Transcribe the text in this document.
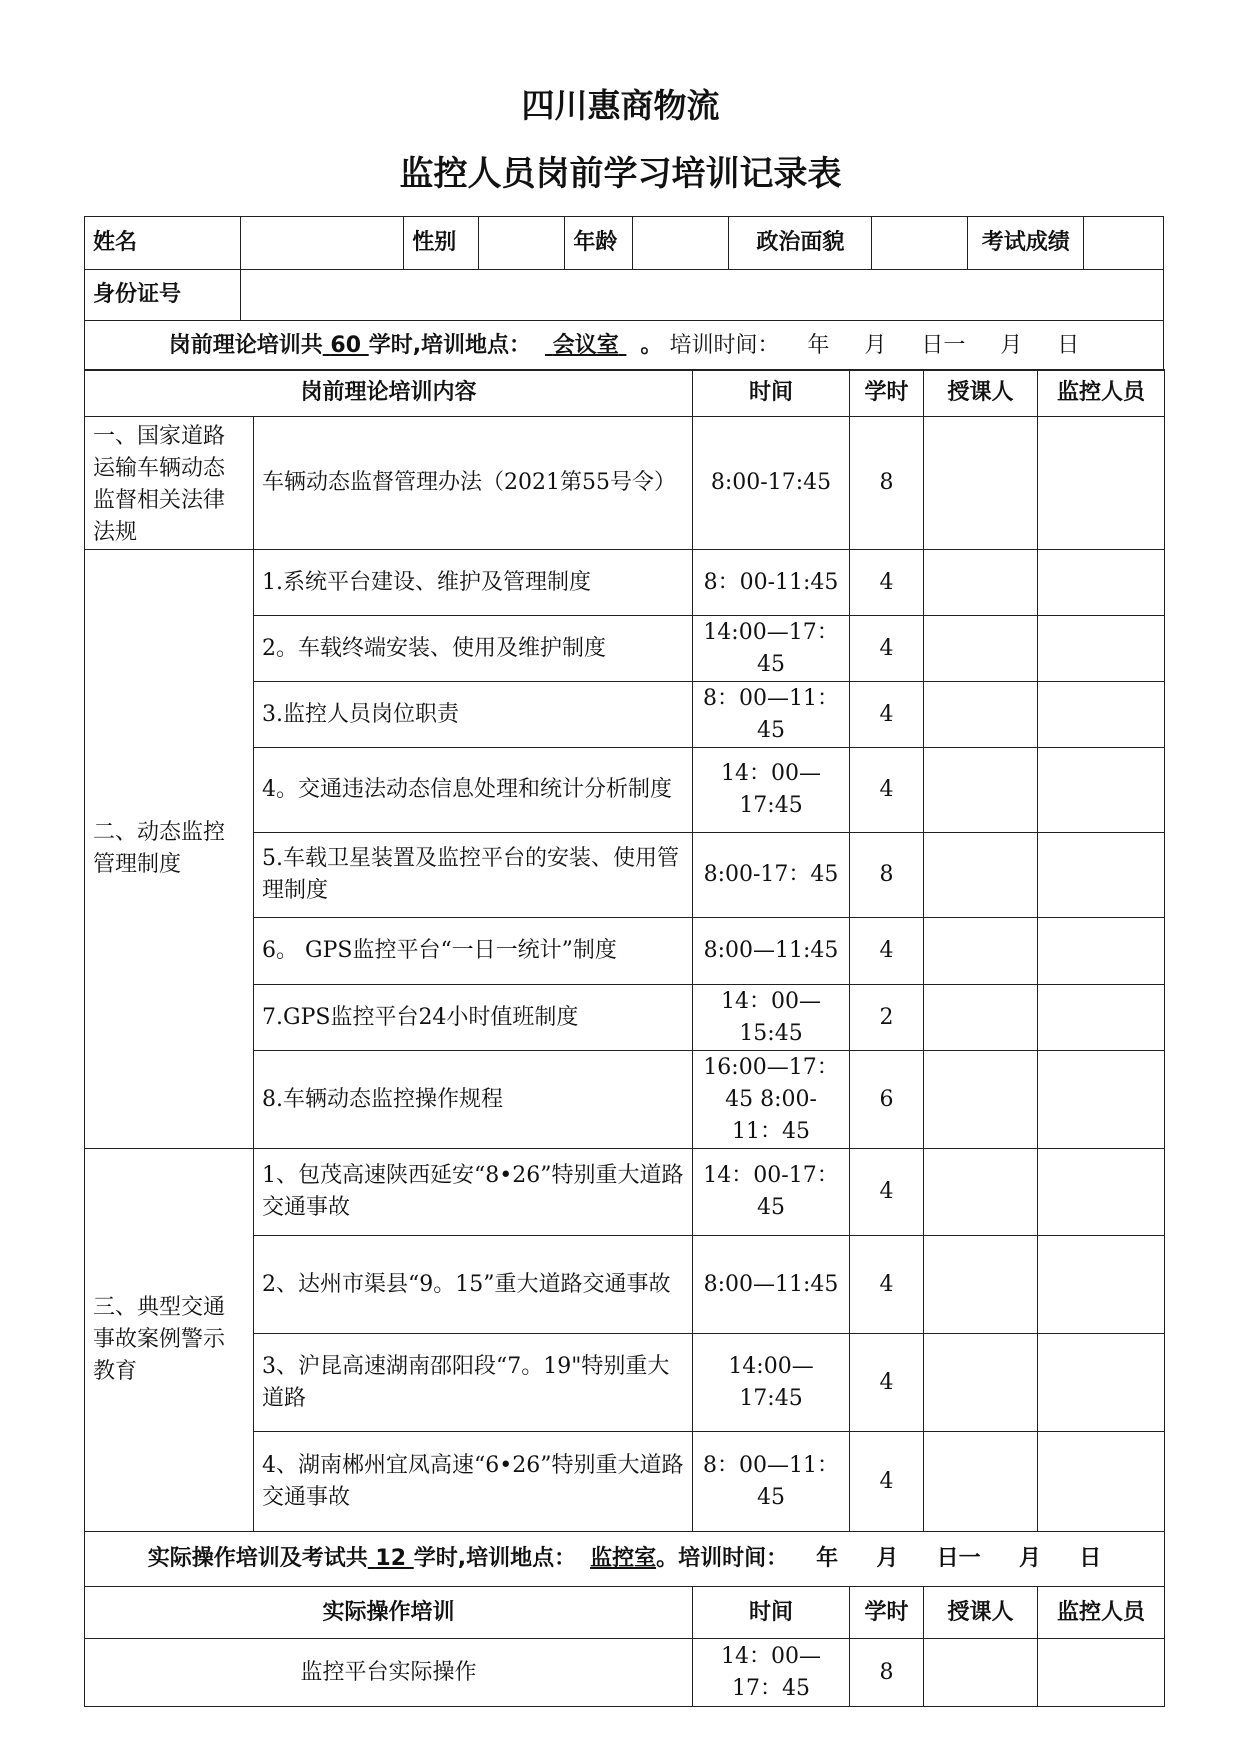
四川惠商物流
监控人员岗前学习培训记录表
姓名		性别		年龄		政治面貌		考试成绩	
身份证号									
岗前理论培训共 60 学时,培训地点： 会议室 。 培训时间：    年     月     日一     月     日									
岗前理论培训内容		时间	学时	授课人	监控人员
一、国家道路运输车辆动态监督相关法律法规	车辆动态监督管理办法（2021第55号令）	8:00-17:45	8		
二、动态监控管理制度	1.系统平台建设、维护及管理制度	8：00-11:45	4		
	2。车载终端安装、使用及维护制度	14:00—17：45	4		
	3.监控人员岗位职责	8：00—11：45	4		
	4。交通违法动态信息处理和统计分析制度	14：00—17:45	4		
	5.车载卫星装置及监控平台的安装、使用管理制度	8:00-17：45	8		
	6。 GPS监控平台“一日一统计”制度	8:00—11:45	4		
	7.GPS监控平台24小时值班制度	14：00—15:45	2		
	8.车辆动态监控操作规程	16:00—17：45 8:00-11：45	6		
三、典型交通事故案例警示教育	1、包茂高速陕西延安“8•26”特别重大道路交通事故	14：00-17：45	4		
	2、达州市渠县“9。15”重大道路交通事故	8:00—11:45	4		
	3、沪昆高速湖南邵阳段“7。19"特别重大道路	14:00—17:45	4		
	4、湖南郴州宜凤高速“6•26”特别重大道路交通事故	8：00—11：45	4		
实际操作培训及考试共 12 学时,培训地点： 监控室。培训时间： 年     月     日一     月     日					
实际操作培训		时间	学时	授课人	监控人员
监控平台实际操作		14：00—17：45	8		
